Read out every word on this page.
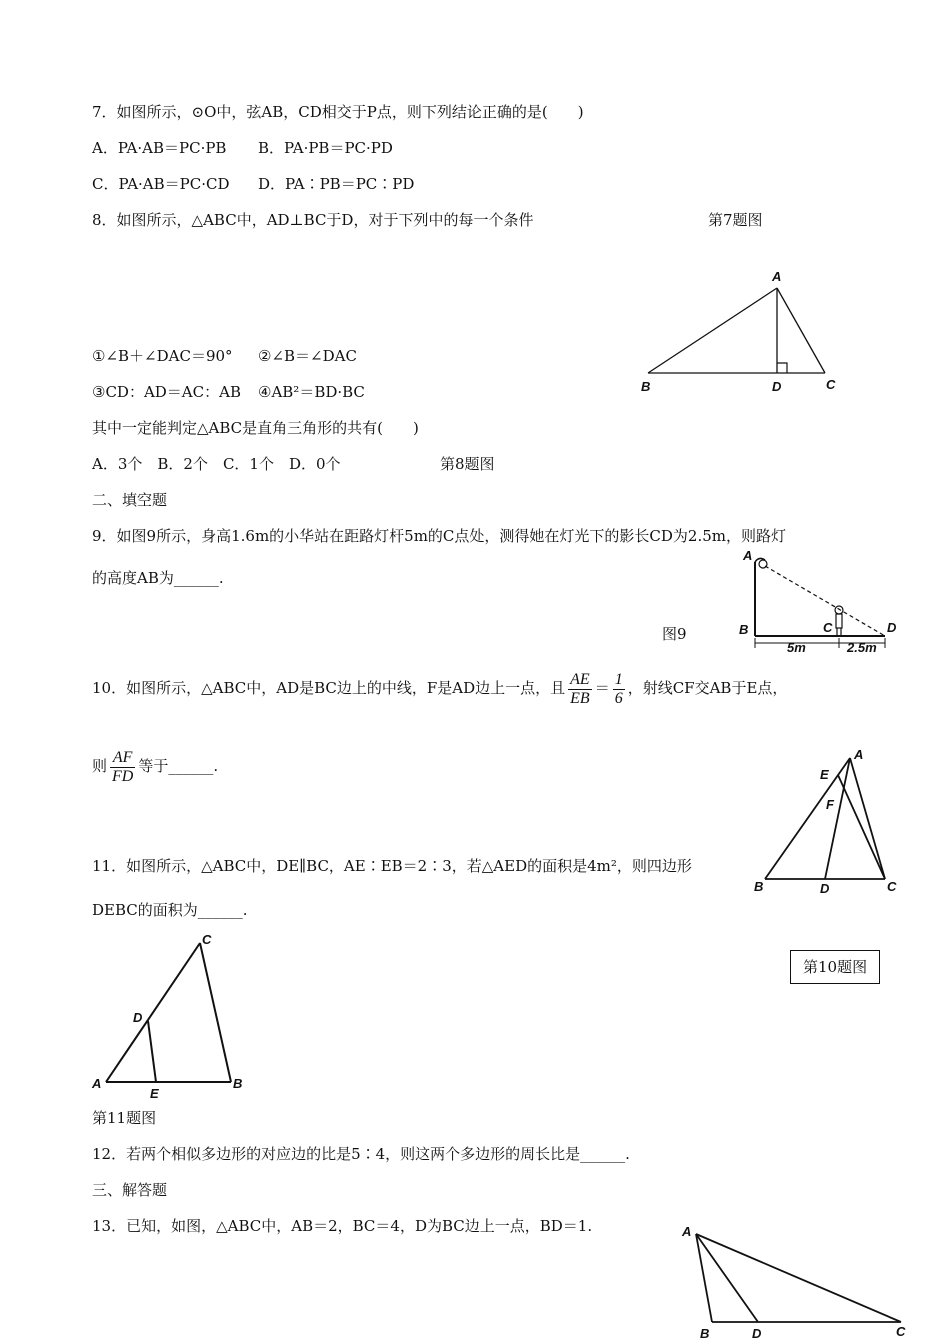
7．如图所示，⊙O中，弦AB，CD相交于P点，则下列结论正确的是(　　)
A．PA·AB＝PC·PB B．PA·PB＝PC·PD
C．PA·AB＝PC·CD D．PA∶PB＝PC∶PD
8．如图所示，△ABC中，AD⊥BC于D，对于下列中的每一个条件	第7题图
A
B	D	C
①∠B＋∠DAC＝90° ②∠B＝∠DAC
③CD：AD＝AC：AB ④AB²＝BD·BC
其中一定能判定△ABC是直角三角形的共有(　　)
A．3个　B．2个　C．1个　D．0个	第8题图
二、填空题
9．如图9所示，身高1.6m的小华站在距路灯杆5m的C点处，测得她在灯光下的影长CD为2.5m，则路灯
的高度AB为______.
图9
A
B	C	D
5m	2.5m
10．如图所示，△ABC中，AD是BC边上的中线，F是AD边上一点，且 $\frac{AE}{EB} = \frac{1}{6}$ ，射线CF交AB于E点，
则 $\frac{AF}{FD}$ 等于______.
A
E
F
B	D	C
11．如图所示，△ABC中，DE∥BC，AE∶EB＝2∶3，若△AED的面积是4m²，则四边形
DEBC的面积为______.
第10题图
C
D
A
E
B
第11题图
12．若两个相似多边形的对应边的比是5∶4，则这两个多边形的周长比是______.
三、解答题
13．已知，如图，△ABC中，AB＝2，BC＝4，D为BC边上一点，BD＝1.	A
B	D	C
